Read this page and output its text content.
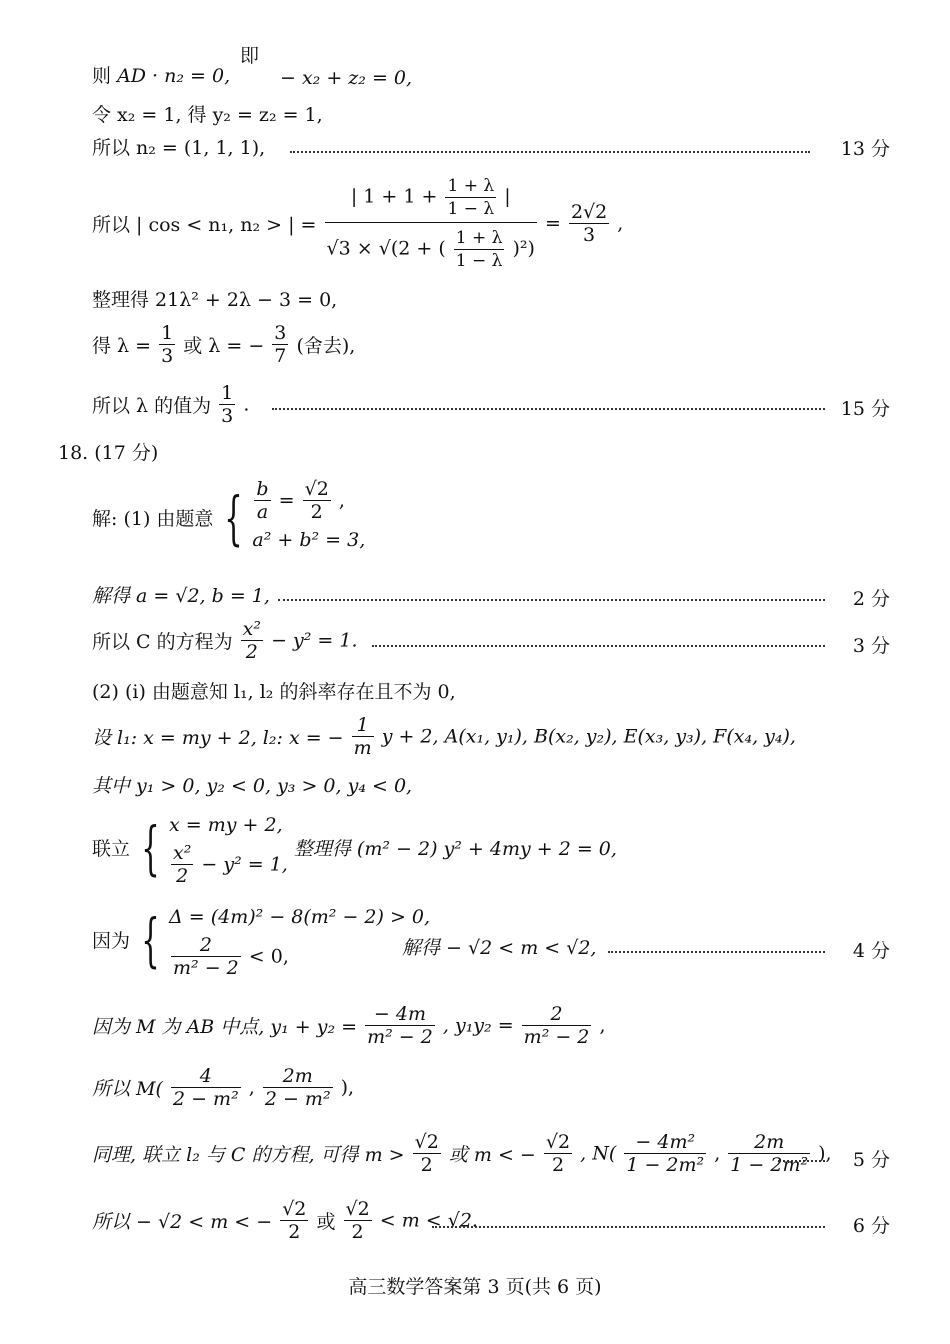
则 AD · n₂ = 0,
即
− x₂ + z₂ = 0,
令 x₂ = 1, 得 y₂ = z₂ = 1,
所以 n₂ = (1, 1, 1),	13 分
所以 | cos < n₁, n₂ > | = $\frac{| 1 + 1 + \frac{1 + \lambda}{1 - \lambda} |}{√3 \times √(2 + ( \frac{1 + \lambda}{1 - \lambda} )^2)} = \frac{2√2}{3}$ ,
整理得 21λ² + 2λ − 3 = 0,
得 $\lambda = \frac{1}{3}$ 或 λ = − $\frac{3}{7}$ (舍去),
所以 λ 的值为 $\frac{1}{3}$ .	15 分
18. (17 分)
解: (1) 由题意 { $\frac{b}{a} = \frac{√2}{2}$ ,
a² + b² = 3,
解得 a = √2, b = 1,	2 分
所以 C 的方程为 $\frac{\text{x²}}{2} - y^2 = 1$.	3 分
(2) (ⅰ) 由题意知 l₁, l₂ 的斜率存在且不为 0,
设 l₁: x = my + 2, l₂: x = − $\frac{1}{m}$ y + 2, A(x₁, y₁), B(x₂, y₂), E(x₃, y₃), F(x₄, y₄),
其中 y₁ > 0, y₂ < 0, y₃ > 0, y₄ < 0,
联立 { x = my + 2,
$\frac{\text{x²}}{2} - y^2 = 1$,
整理得 (m² − 2) y² + 4my + 2 = 0,
因为 { Δ = (4m)² − 8(m² − 2) > 0,
$\frac{2}{\text{m² − 2}} < 0$,	解得 − √2 < m < √2,	4 分
因为 M 为 AB 中点, $y_1 + y_2 = \frac{- 4m}{\text{m² − 2}}$ , $y_1y_2 = \frac{2}{\text{m² − 2}}$ ,
所以 $M( \frac{4}{\text{2 − m²}}$ , $\frac{2m}{\text{2 − m²}}$ ),
同理, 联立 l₂ 与 C 的方程, 可得 $m > \frac{√2}{2}$ 或 m < − $\frac{√2}{2}$ , $N( \frac{\text{− 4m²}}{\text{1 − 2m²}}$ , $\frac{2m}{\text{1 − 2m²}}$ ), 5 分
所以 − √2 < m < − $\frac{√2}{2}$ 或 $\frac{√2}{2} < m < √2$.	6 分
高三数学答案第 3 页(共 6 页)
